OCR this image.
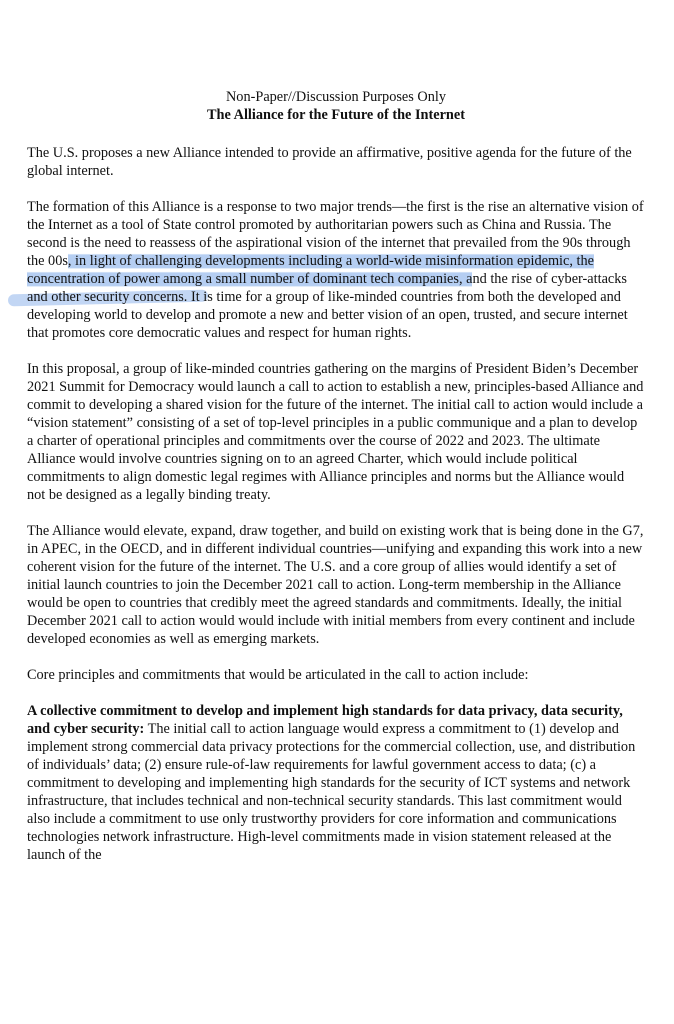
Non-Paper//Discussion Purposes Only
The Alliance for the Future of the Internet

The U.S. proposes a new Alliance intended to provide an affirmative, positive agenda for the future of the global internet.

The formation of this Alliance is a response to two major trends—the first is the rise an alternative vision of the Internet as a tool of State control promoted by authoritarian powers such as China and Russia. The second is the need to reassess of the aspirational vision of the internet that prevailed from the 90s through the 00s, in light of challenging developments including a world-wide misinformation epidemic, the concentration of power among a small number of dominant tech companies, and the rise of cyber-attacks and other security concerns. It is time for a group of like-minded countries from both the developed and developing world to develop and promote a new and better vision of an open, trusted, and secure internet that promotes core democratic values and respect for human rights.

In this proposal, a group of like-minded countries gathering on the margins of President Biden’s December 2021 Summit for Democracy would launch a call to action to establish a new, principles-based Alliance and commit to developing a shared vision for the future of the internet. The initial call to action would include a “vision statement” consisting of a set of top-level principles in a public communique and a plan to develop a charter of operational principles and commitments over the course of 2022 and 2023. The ultimate Alliance would involve countries signing on to an agreed Charter, which would include political commitments to align domestic legal regimes with Alliance principles and norms but the Alliance would not be designed as a legally binding treaty.

The Alliance would elevate, expand, draw together, and build on existing work that is being done in the G7, in APEC, in the OECD, and in different individual countries—unifying and expanding this work into a new coherent vision for the future of the internet. The U.S. and a core group of allies would identify a set of initial launch countries to join the December 2021 call to action. Long-term membership in the Alliance would be open to countries that credibly meet the agreed standards and commitments. Ideally, the initial December 2021 call to action would would include with initial members from every continent and include developed economies as well as emerging markets.

Core principles and commitments that would be articulated in the call to action include:

A collective commitment to develop and implement high standards for data privacy, data security, and cyber security: The initial call to action language would express a commitment to (1) develop and implement strong commercial data privacy protections for the commercial collection, use, and distribution of individuals’ data; (2) ensure rule-of-law requirements for lawful government access to data; (c) a commitment to developing and implementing high standards for the security of ICT systems and network infrastructure, that includes technical and non-technical security standards. This last commitment would also include a commitment to use only trustworthy providers for core information and communications technologies network infrastructure. High-level commitments made in vision statement released at the launch of the
